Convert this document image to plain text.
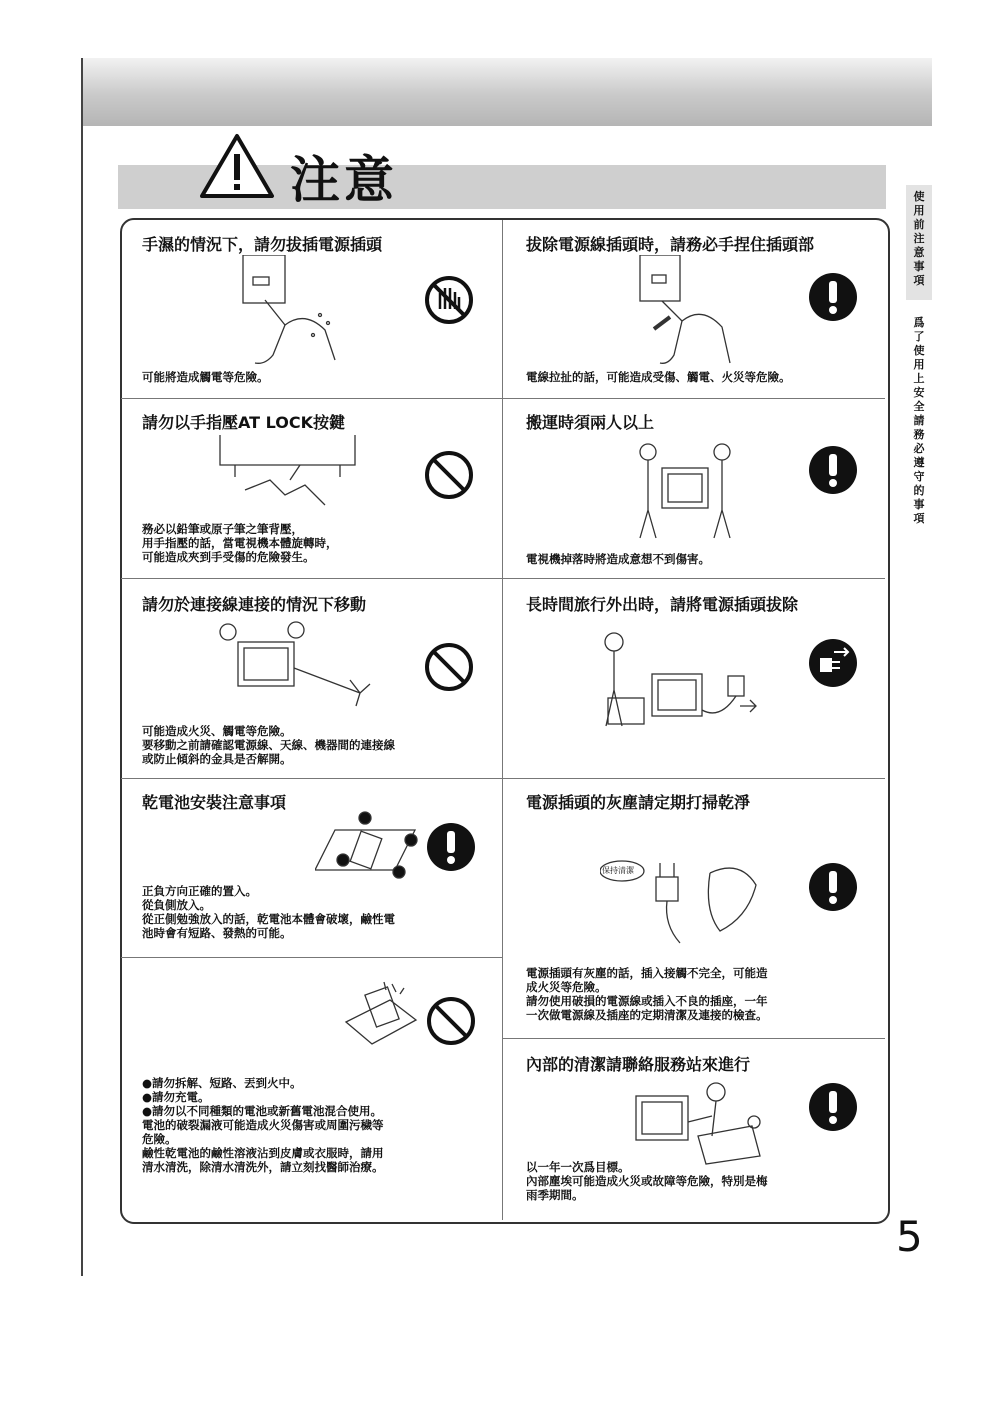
注意	使用前注意事項
爲了使用上安全請務必遵守的事項
5
手濕的情況下，請勿拔插電源插頭
可能將造成觸電等危險。
拔除電源線插頭時，請務必手捏住插頭部
電線拉扯的話，可能造成受傷、觸電、火災等危險。
請勿以手指壓AT LOCK按鍵
務必以鉛筆或原子筆之筆背壓，
用手指壓的話，當電視機本體旋轉時，
可能造成夾到手受傷的危險發生。
搬運時須兩人以上
電視機掉落時將造成意想不到傷害。
請勿於連接線連接的情況下移動
可能造成火災、觸電等危險。
要移動之前請確認電源線、天線、機器間的連接線
或防止傾斜的金具是否解開。
長時間旅行外出時，請將電源插頭拔除
乾電池安裝注意事項
正負方向正確的置入。
從負側放入。
從正側勉強放入的話，乾電池本體會破壞，鹼性電
池時會有短路、發熱的可能。
電源插頭的灰塵請定期打掃乾淨
保持清潔
電源插頭有灰塵的話，插入接觸不完全，可能造
成火災等危險。
請勿使用破損的電源線或插入不良的插座，一年
一次做電源線及插座的定期清潔及連接的檢查。
●請勿拆解、短路、丟到火中。
●請勿充電。
●請勿以不同種類的電池或新舊電池混合使用。
電池的破裂漏液可能造成火災傷害或周圍污穢等
危險。
鹼性乾電池的鹼性溶液沾到皮膚或衣服時，請用
清水清洗，除清水清洗外，請立刻找醫師治療。
內部的清潔請聯絡服務站來進行
以一年一次爲目標。
內部塵埃可能造成火災或故障等危險，特別是梅
雨季期間。
